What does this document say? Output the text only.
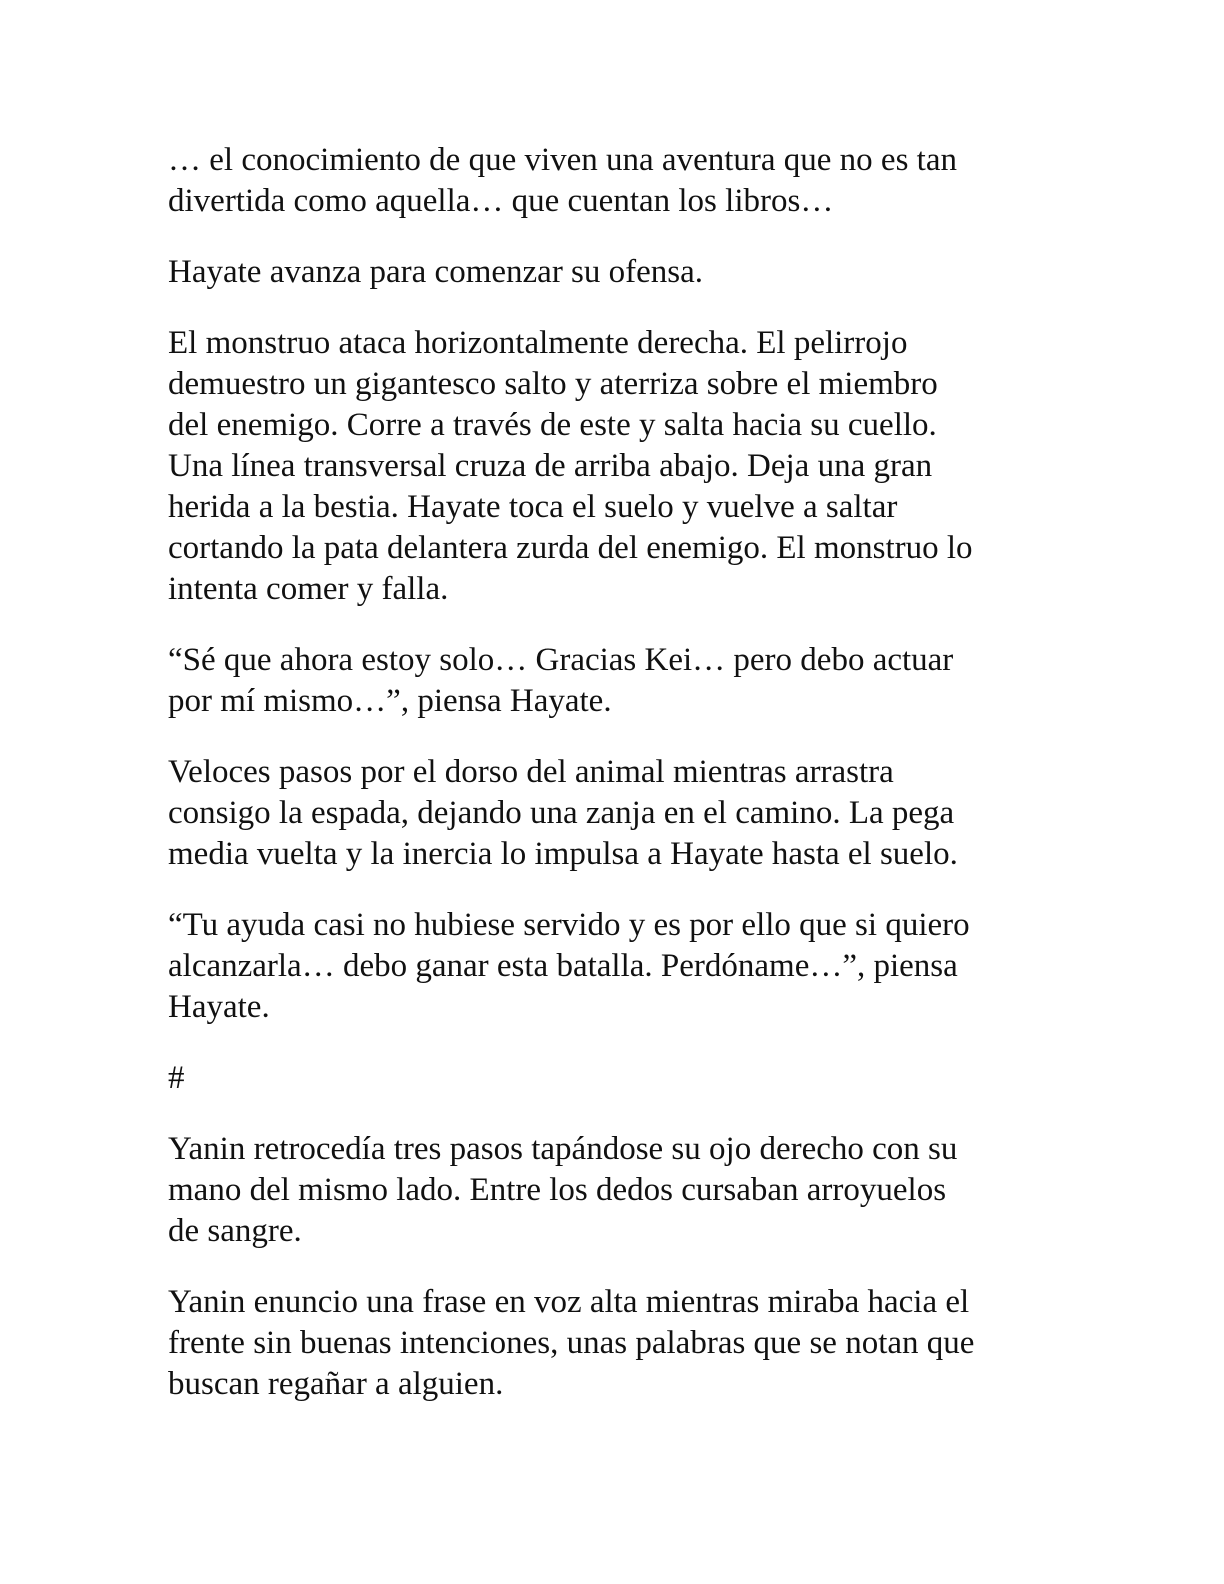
… el conocimiento de que viven una aventura que no es tan
divertida como aquella… que cuentan los libros…

Hayate avanza para comenzar su ofensa.

El monstruo ataca horizontalmente derecha. El pelirrojo
demuestro un gigantesco salto y aterriza sobre el miembro
del enemigo. Corre a través de este y salta hacia su cuello.
Una línea transversal cruza de arriba abajo. Deja una gran
herida a la bestia. Hayate toca el suelo y vuelve a saltar
cortando la pata delantera zurda del enemigo. El monstruo lo
intenta comer y falla.

“Sé que ahora estoy solo… Gracias Kei… pero debo actuar
por mí mismo…”, piensa Hayate.

Veloces pasos por el dorso del animal mientras arrastra
consigo la espada, dejando una zanja en el camino. La pega
media vuelta y la inercia lo impulsa a Hayate hasta el suelo.

“Tu ayuda casi no hubiese servido y es por ello que si quiero
alcanzarla… debo ganar esta batalla. Perdóname…”, piensa
Hayate.

#

Yanin retrocedía tres pasos tapándose su ojo derecho con su
mano del mismo lado. Entre los dedos cursaban arroyuelos
de sangre.

Yanin enuncio una frase en voz alta mientras miraba hacia el
frente sin buenas intenciones, unas palabras que se notan que
buscan regañar a alguien.
